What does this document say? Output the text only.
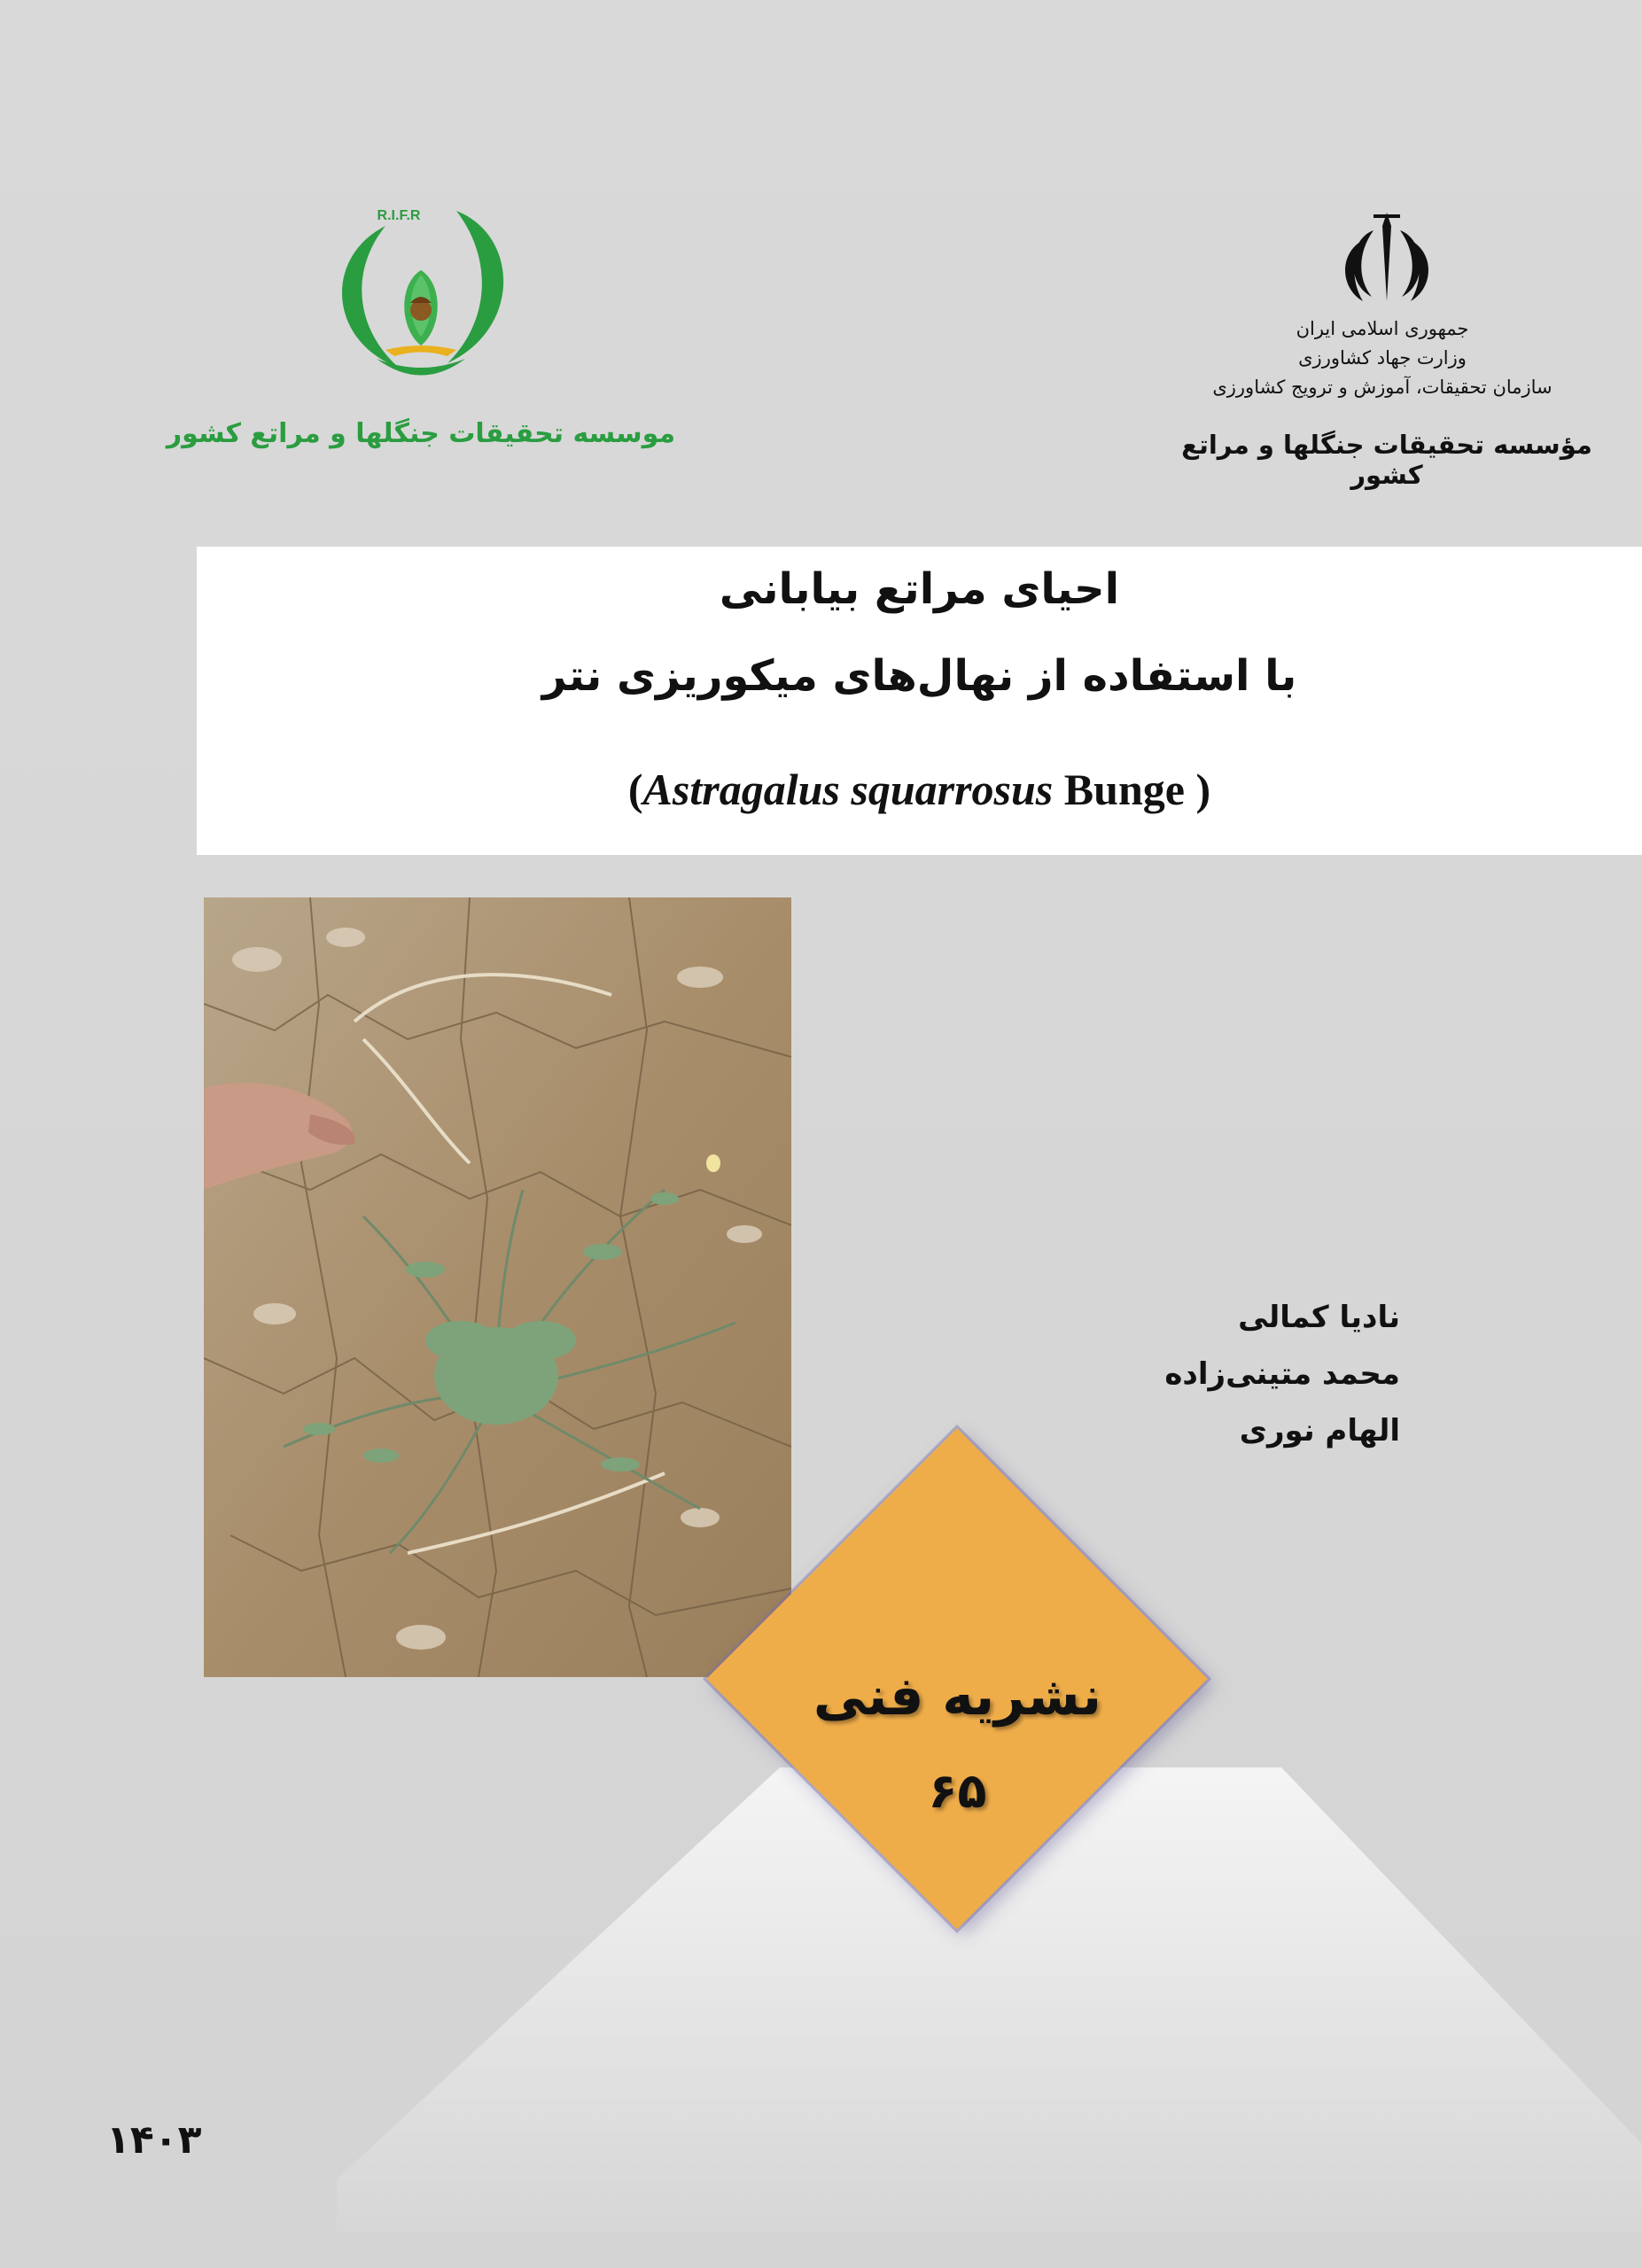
R.I.F.R
موسسه تحقیقات جنگلها و مراتع کشور
جمهوری اسلامی ایران
وزارت جهاد کشاورزی
سازمان تحقیقات، آموزش و ترویج کشاورزی
مؤسسه تحقیقات جنگلها و مراتع کشور
احیای مراتع بیابانی
با استفاده از نهال‌های میکوریزی نتر
(Astragalus squarrosus Bunge )
نادیا کمالی
محمد متینی‌زاده
الهام نوری
نشریه فنی
۶۵
۱۴۰۳
